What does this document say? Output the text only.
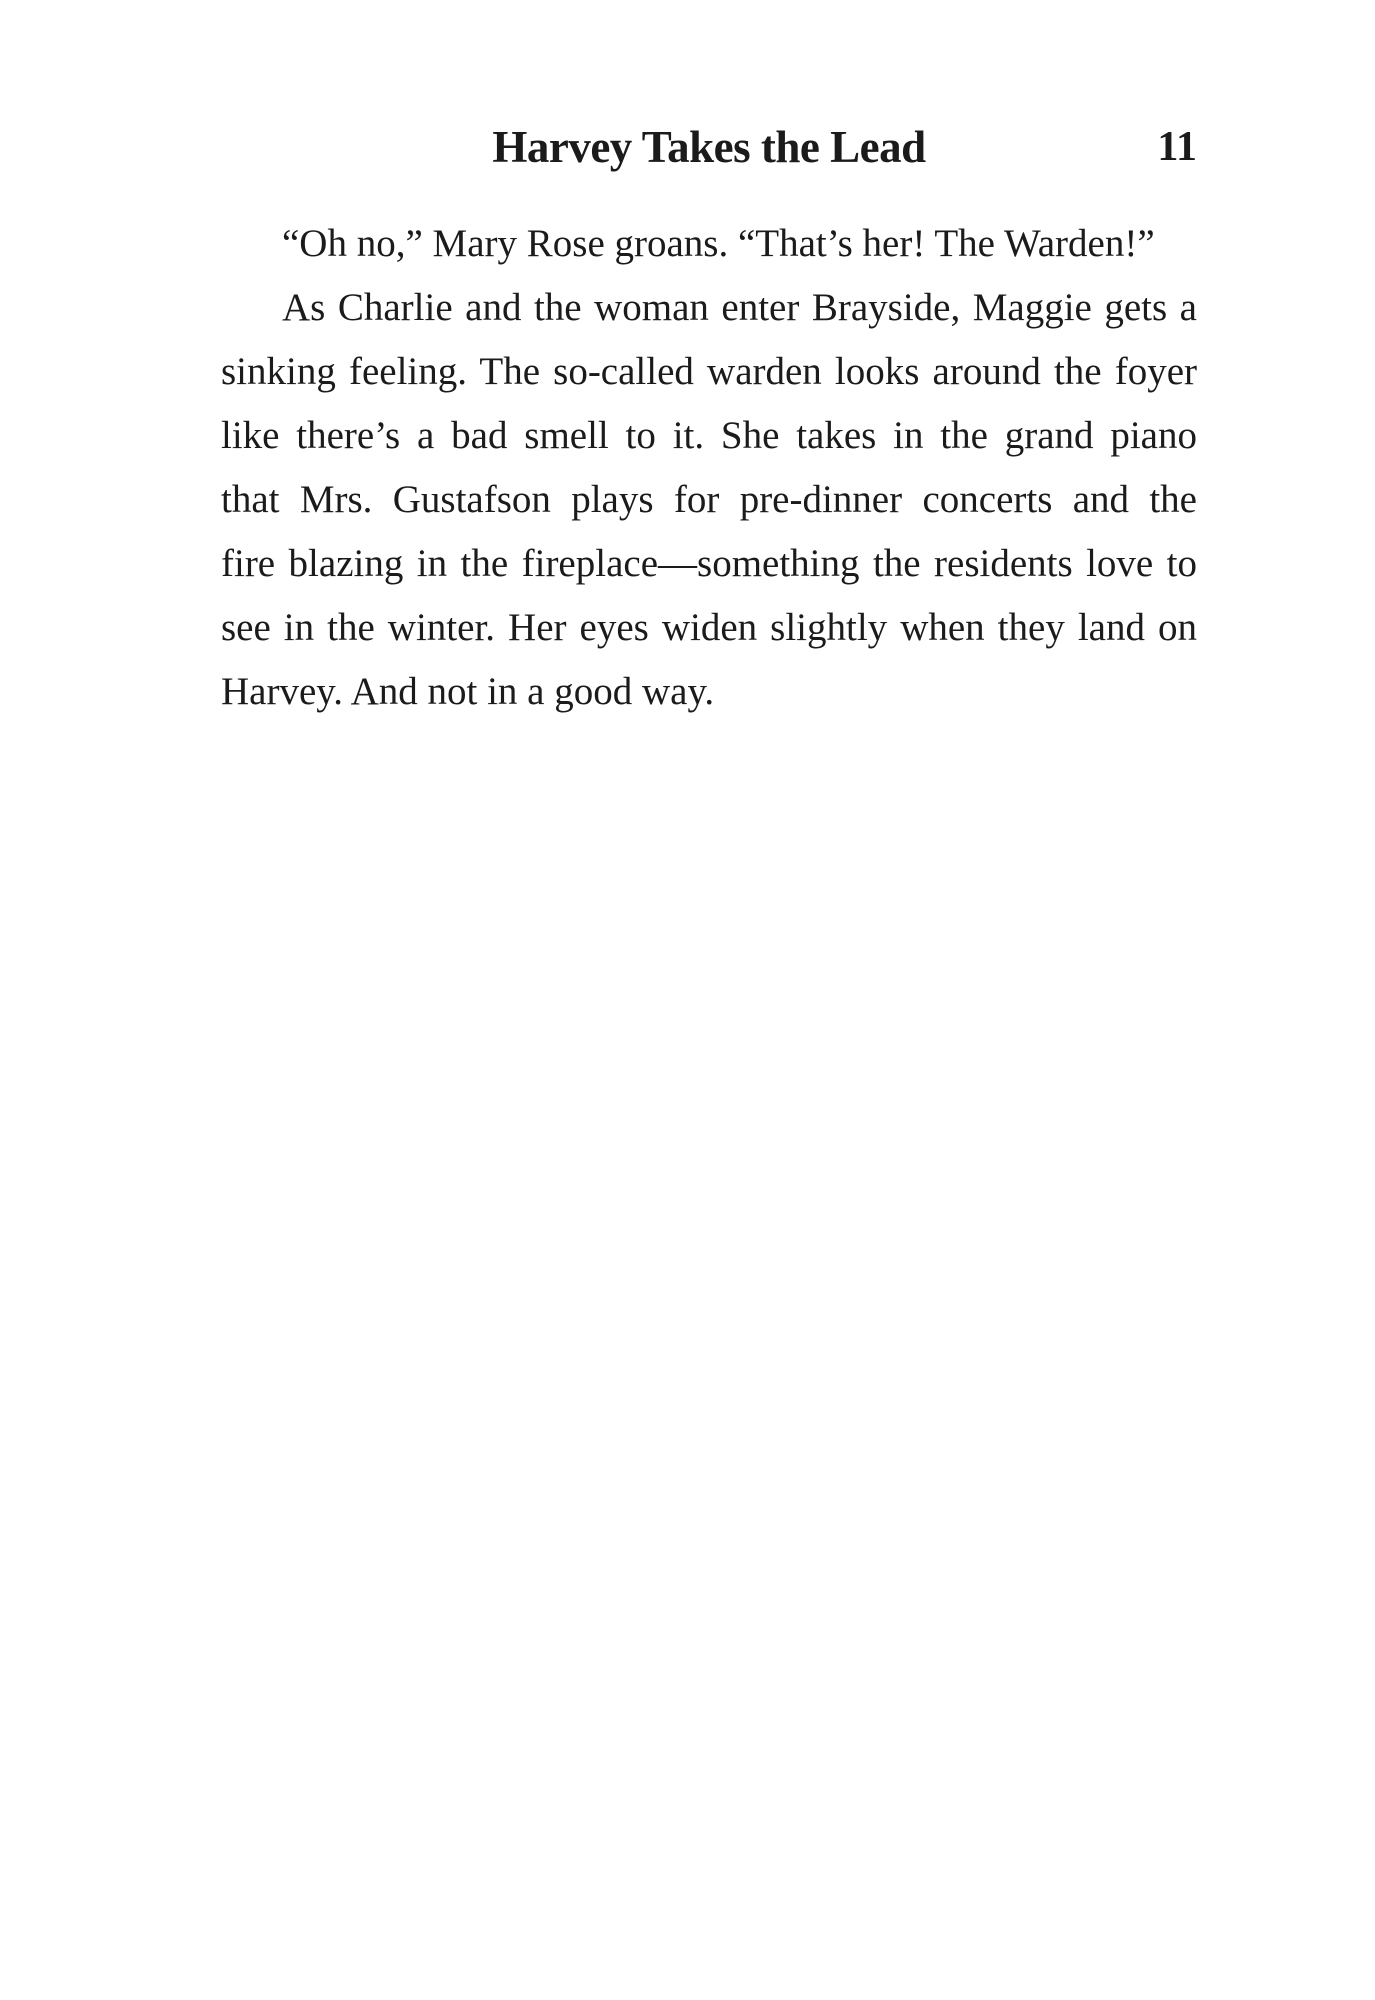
Harvey Takes the Lead	11

“Oh no,” Mary Rose groans. “That’s her! The Warden!”

As Charlie and the woman enter Brayside, Maggie gets a

sinking feeling. The so-called warden looks around the foyer

like there’s a bad smell to it. She takes in the grand piano

that Mrs. Gustafson plays for pre-dinner concerts and the

fire blazing in the fireplace—something the residents love to

see in the winter. Her eyes widen slightly when they land on

Harvey. And not in a good way.
